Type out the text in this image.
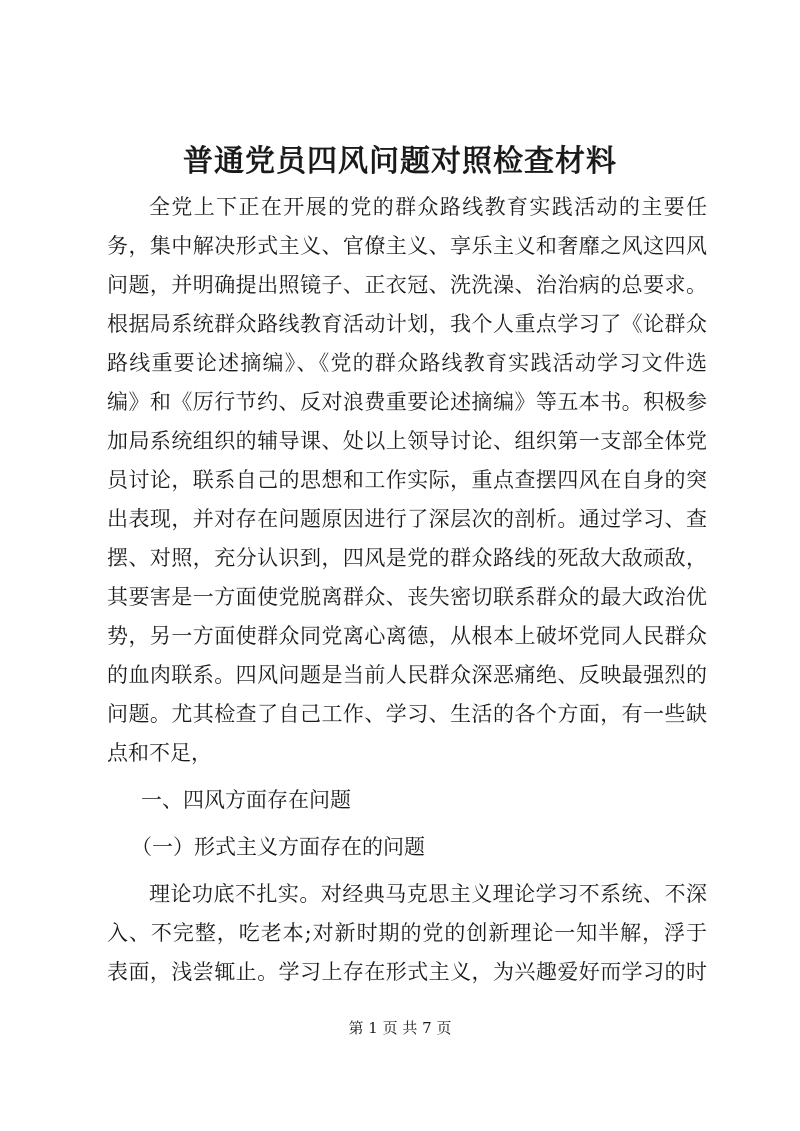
普通党员四风问题对照检查材料
全党上下正在开展的党的群众路线教育实践活动的主要任
务，集中解决形式主义、官僚主义、享乐主义和奢靡之风这四风
问题，并明确提出照镜子、正衣冠、洗洗澡、治治病的总要求。
根据局系统群众路线教育活动计划，我个人重点学习了《论群众
路线重要论述摘编》、《党的群众路线教育实践活动学习文件选
编》和《厉行节约、反对浪费重要论述摘编》等五本书。积极参
加局系统组织的辅导课、处以上领导讨论、组织第一支部全体党
员讨论，联系自己的思想和工作实际，重点查摆四风在自身的突
出表现，并对存在问题原因进行了深层次的剖析。通过学习、查
摆、对照，充分认识到，四风是党的群众路线的死敌大敌顽敌，
其要害是一方面使党脱离群众、丧失密切联系群众的最大政治优
势，另一方面使群众同党离心离德，从根本上破坏党同人民群众
的血肉联系。四风问题是当前人民群众深恶痛绝、反映最强烈的
问题。尤其检查了自己工作、学习、生活的各个方面，有一些缺
点和不足，
一、四风方面存在问题
（一）形式主义方面存在的问题
理论功底不扎实。对经典马克思主义理论学习不系统、不深
入、不完整，吃老本;对新时期的党的创新理论一知半解，浮于
表面，浅尝辄止。学习上存在形式主义，为兴趣爱好而学习的时
第 1 页 共 7 页
